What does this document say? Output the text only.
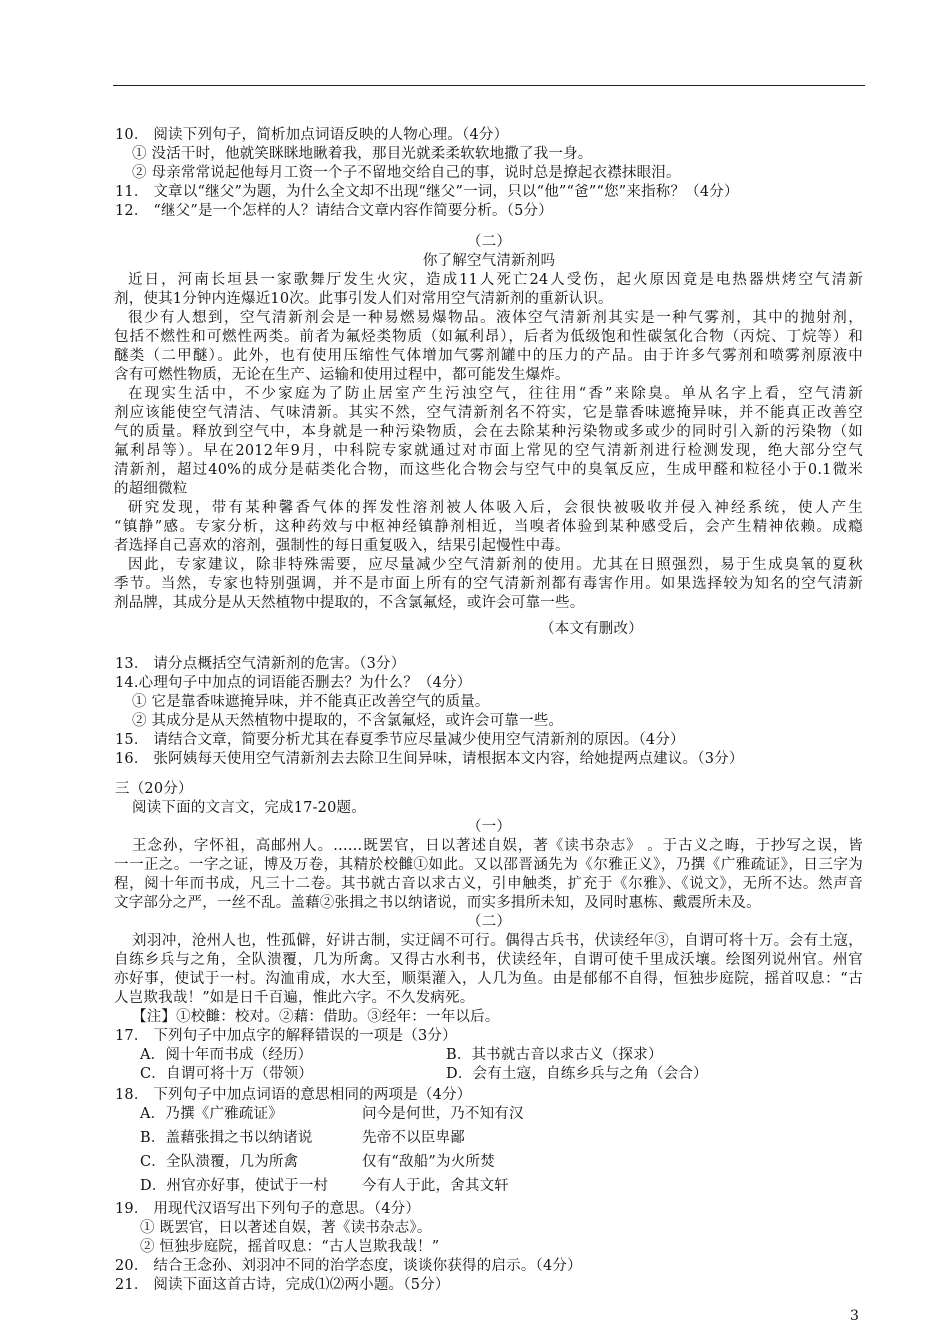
10． 阅读下列句子，简析加点词语反映的人物心理。（4分）
① 没活干时，他就笑眯眯地瞅着我，那目光就柔柔软软地撒了我一身。
② 母亲常常说起他每月工资一个子不留地交给自己的事，说时总是撩起衣襟抹眼泪。
11． 文章以“继父”为题，为什么全文却不出现“继父”一词，只以“他”“爸”“您”来指称？（4分）
12． “继父”是一个怎样的人？请结合文章内容作简要分析。（5分）
（二）
你了解空气清新剂吗
近日，河南长垣县一家歌舞厅发生火灾，造成11人死亡24人受伤，起火原因竟是电热器烘烤空气清新
剂，使其1分钟内连爆近10次。此事引发人们对常用空气清新剂的重新认识。
很少有人想到，空气清新剂会是一种易燃易爆物品。液体空气清新剂其实是一种气雾剂，其中的抛射剂，
包括不燃性和可燃性两类。前者为氟烃类物质（如氟利昂），后者为低级饱和性碳氢化合物（丙烷、丁烷等）和
醚类（二甲醚）。此外，也有使用压缩性气体增加气雾剂罐中的压力的产品。由于许多气雾剂和喷雾剂原液中
含有可燃性物质，无论在生产、运输和使用过程中，都可能发生爆炸。
在现实生活中，不少家庭为了防止居室产生污浊空气，往往用“香”来除臭。单从名字上看，空气清新
剂应该能使空气清洁、气味清新。其实不然，空气清新剂名不符实，它是靠香味遮掩异味，并不能真正改善空
气的质量。释放到空气中，本身就是一种污染物质，会在去除某种污染物或多或少的同时引入新的污染物（如
氟利昂等）。早在2012年9月，中科院专家就通过对市面上常见的空气清新剂进行检测发现，绝大部分空气
清新剂，超过40%的成分是萜类化合物，而这些化合物会与空气中的臭氧反应，生成甲醛和粒径小于0.1微米
的超细微粒
研究发现，带有某种馨香气体的挥发性溶剂被人体吸入后，会很快被吸收并侵入神经系统，使人产生
“镇静”感。专家分析，这种药效与中枢神经镇静剂相近，当嗅者体验到某种感受后，会产生精神依赖。成瘾
者选择自己喜欢的溶剂，强制性的每日重复吸入，结果引起慢性中毒。
因此，专家建议，除非特殊需要，应尽量减少空气清新剂的使用。尤其在日照强烈，易于生成臭氧的夏秋
季节。当然，专家也特别强调，并不是市面上所有的空气清新剂都有毒害作用。如果选择较为知名的空气清新
剂品牌，其成分是从天然植物中提取的，不含氯氟烃，或许会可靠一些。
（本文有删改）
13． 请分点概括空气清新剂的危害。（3分）
14.心理句子中加点的词语能否删去？为什么？（4分）
① 它是靠香味遮掩异味，并不能真正改善空气的质量。
② 其成分是从天然植物中提取的，不含氯氟烃，或许会可靠一些。
15． 请结合文章，简要分析尤其在春夏季节应尽量减少使用空气清新剂的原因。（4分）
16． 张阿姨每天使用空气清新剂去去除卫生间异味，请根据本文内容，给她提两点建议。（3分）
三（20分）
阅读下面的文言文，完成17-20题。
（一）
王念孙，字怀祖，高邮州人。……既罢官，日以著述自娱，著《读书杂志》 。于古义之晦，于抄写之误，皆
一一正之。一字之证，博及万卷，其精於校雠①如此。又以邵晋涵先为《尔雅正义》，乃撰《广雅疏证》，日三字为
程，阅十年而书成，凡三十二卷。其书就古音以求古义，引申触类，扩充于《尔雅》、《说文》，无所不达。然声音
文字部分之严，一丝不乱。盖藉②张揖之书以纳诸说，而实多揖所未知，及同时惠栋、戴震所未及。
（二）
刘羽冲，沧州人也，性孤僻，好讲古制，实迂阔不可行。偶得古兵书，伏读经年③，自谓可将十万。会有土寇，
自练乡兵与之角，全队溃覆，几为所禽。又得古水利书，伏读经年，自谓可使千里成沃壤。绘图列说州官。州官
亦好事，使试于一村。沟洫甫成，水大至，顺渠灌入，人几为鱼。由是郁郁不自得，恒独步庭院，摇首叹息：“古
人岂欺我哉！”如是日千百遍，惟此六字。不久发病死。
【注】①校雠：校对。②藉：借助。③经年：一年以后。
17． 下列句子中加点字的解释错误的一项是（3分）
A．阅十年而书成（经历）	B．其书就古音以求古义（探求）
C．自谓可将十万（带领）	D．会有土寇，自练乡兵与之角（会合）
18． 下列句子中加点词语的意思相同的两项是（4分）
A．乃撰《广雅疏证》	问今是何世，乃不知有汉
B．盖藉张揖之书以纳诸说	先帝不以臣卑鄙
C．全队溃覆，几为所禽	仅有“敌船”为火所焚
D．州官亦好事，使试于一村 今有人于此，舍其文轩
19． 用现代汉语写出下列句子的意思。（4分）
① 既罢官，日以著述自娱，著《读书杂志》。
② 恒独步庭院，摇首叹息：“古人岂欺我哉！”
20． 结合王念孙、刘羽冲不同的治学态度，谈谈你获得的启示。（4分）
21． 阅读下面这首古诗，完成⑴⑵两小题。（5分）
3
